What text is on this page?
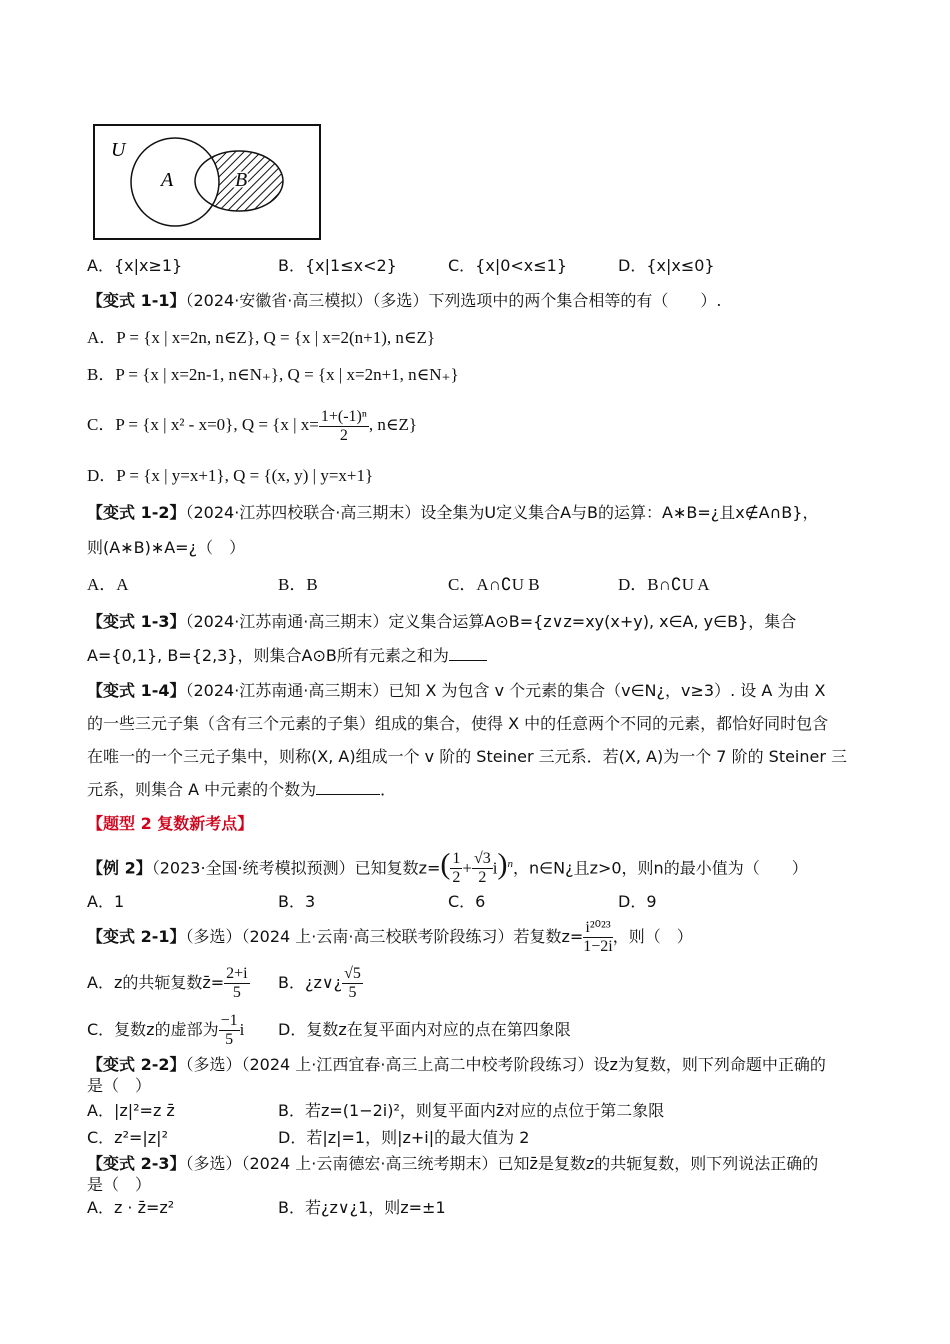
U
A	B
A．{x|x≥1}	B．{x|1≤x<2}	C．{x|0<x≤1}	D．{x|x≤0}
【变式 1-1】（2024·安徽省·高三模拟）（多选）下列选项中的两个集合相等的有（　　）.
A．P = {x | x=2n, n∈Z}, Q = {x | x=2(n+1), n∈Z}
B．P = {x | x=2n-1, n∈N₊}, Q = {x | x=2n+1, n∈N₊}
C．P = {x | x² - x=0}, Q = {x | $x= \frac{\text{1+(-1)ⁿ}}{2}$ , n∈Z}
D．P = {x | y=x+1}, Q = {(x, y) | y=x+1}
【变式 1-2】（2024·江苏四校联合·高三期末）设全集为U定义集合A与B的运算：A∗B=¿且x∉A∩B}，
则(A∗B)∗A=¿（　）
A．A	B．B	C．A∩∁U B	D．B∩∁U A
【变式 1-3】（2024·江苏南通·高三期末）定义集合运算A⊙B={z∨z=xy(x+y), x∈A, y∈B}，集合
A={0,1}, B={2,3}，则集合A⊙B所有元素之和为
【变式 1-4】（2024·江苏南通·高三期末）已知 X 为包含 v 个元素的集合（v∈N¿，v≥3）. 设 A 为由 X
的一些三元子集（含有三个元素的子集）组成的集合，使得 X 中的任意两个不同的元素，都恰好同时包含
在唯一的一个三元子集中，则称(X, A)组成一个 v 阶的 Steiner 三元系．若(X, A)为一个 7 阶的 Steiner 三
元系，则集合 A 中元素的个数为	．
【题型 2 复数新考点】
【例 2】（2023·全国·统考模拟预测）已知复数$z=( \frac{1}{2} + \frac{√3}{2} i)^n$，n∈N¿且z>0，则n的最小值为（　　）
A．1	B．3	C．6	D．9
【变式 2-1】（多选）（2024 上·云南·高三校联考阶段练习）若复数$z= \frac{\text{i²⁰²³}}{1-2i}$ ，则（　）
A．z的共轭复数z̄= $\frac{2+i}{5}$ B．¿z∨¿ $\frac{√5}{5}$
C．复数z的虚部为 $\frac{-1}{5}$ i D．复数z在复平面内对应的点在第四象限
【变式 2-2】（多选）（2024 上·江西宜春·高三上高二中校考阶段练习）设z为复数，则下列命题中正确的
是（　）
A．|z|²=z z̄	B．若z=(1−2i)²，则复平面内z̄对应的点位于第二象限
C．z²=|z|²	D．若|z|=1，则|z+i|的最大值为 2
【变式 2-3】（多选）（2024 上·云南德宏·高三统考期末）已知z̄是复数z的共轭复数，则下列说法正确的
是（　）
A．z · z̄=z²	B．若¿z∨¿1，则z=±1
